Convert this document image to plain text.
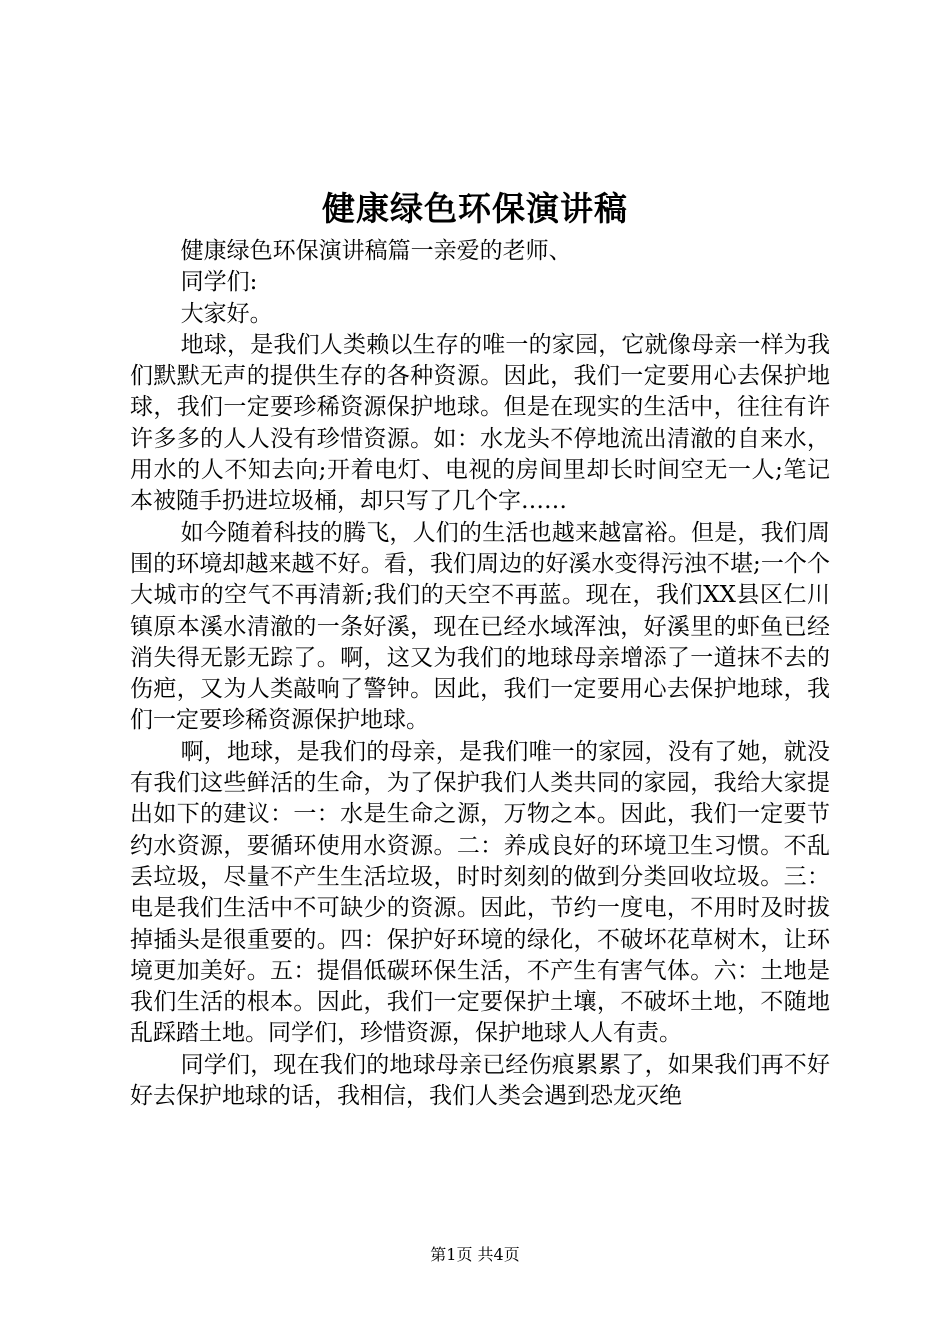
健康绿色环保演讲稿

健康绿色环保演讲稿篇一亲爱的老师、

同学们:

大家好。

地球，是我们人类赖以生存的唯一的家园，它就像母亲一样为我们默默无声的提供生存的各种资源。因此，我们一定要用心去保护地球，我们一定要珍稀资源保护地球。但是在现实的生活中，往往有许许多多的人人没有珍惜资源。如：水龙头不停地流出清澈的自来水，用水的人不知去向;开着电灯、电视的房间里却长时间空无一人;笔记本被随手扔进垃圾桶，却只写了几个字……

如今随着科技的腾飞，人们的生活也越来越富裕。但是，我们周围的环境却越来越不好。看，我们周边的好溪水变得污浊不堪;一个个大城市的空气不再清新;我们的天空不再蓝。现在，我们XX县区仁川镇原本溪水清澈的一条好溪，现在已经水域浑浊，好溪里的虾鱼已经消失得无影无踪了。啊，这又为我们的地球母亲增添了一道抹不去的伤疤，又为人类敲响了警钟。因此，我们一定要用心去保护地球，我们一定要珍稀资源保护地球。

啊，地球，是我们的母亲，是我们唯一的家园，没有了她，就没有我们这些鲜活的生命，为了保护我们人类共同的家园，我给大家提出如下的建议：一：水是生命之源，万物之本。因此，我们一定要节约水资源，要循环使用水资源。二：养成良好的环境卫生习惯。不乱丢垃圾，尽量不产生生活垃圾，时时刻刻的做到分类回收垃圾。三：电是我们生活中不可缺少的资源。因此，节约一度电，不用时及时拔掉插头是很重要的。四：保护好环境的绿化，不破坏花草树木，让环境更加美好。五：提倡低碳环保生活，不产生有害气体。六：土地是我们生活的根本。因此，我们一定要保护土壤，不破坏土地，不随地乱踩踏土地。同学们，珍惜资源，保护地球人人有责。

同学们，现在我们的地球母亲已经伤痕累累了，如果我们再不好好去保护地球的话，我相信，我们人类会遇到恐龙灭绝

第1页 共4页
